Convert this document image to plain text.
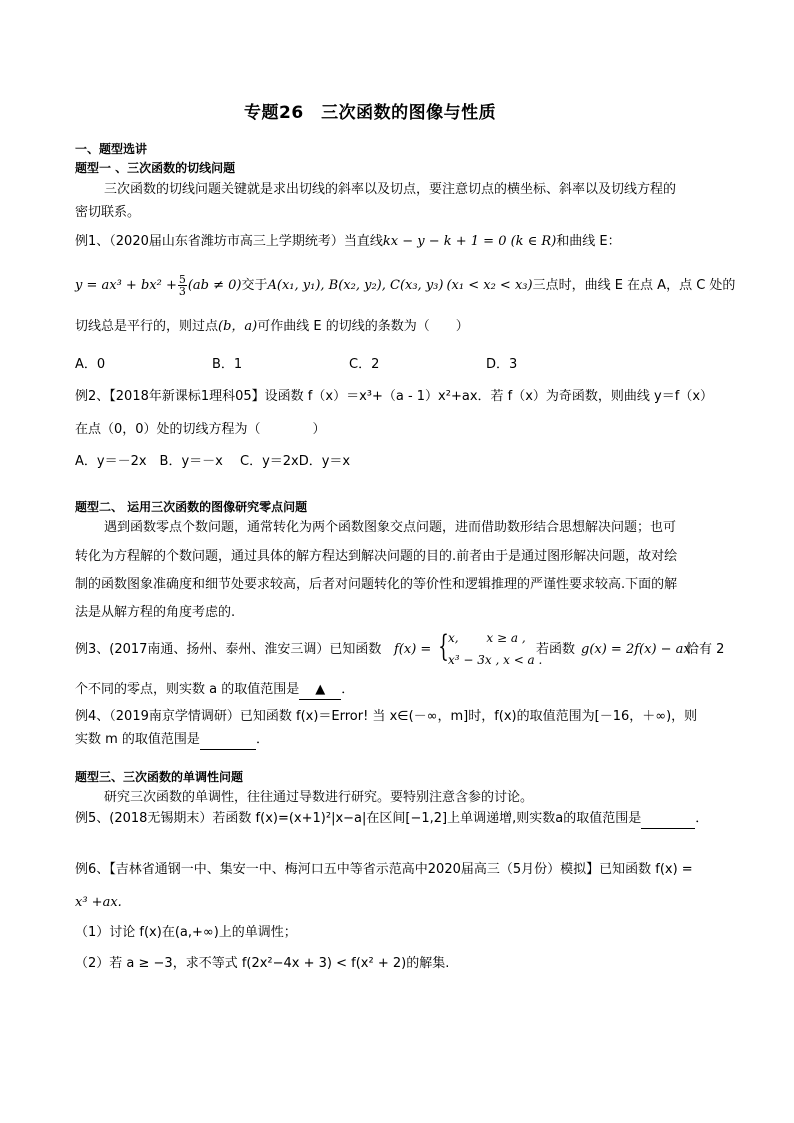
专题26　三次函数的图像与性质
一、题型选讲
题型一 、三次函数的切线问题
三次函数的切线问题关键就是求出切线的斜率以及切点，要注意切点的横坐标、斜率以及切线方程的
密切联系。
例1、（2020届山东省潍坊市高三上学期统考）当直线kx − y − k + 1 = 0 (k ∈ R)和曲线 E：
$y = ax^3 + bx^2 + \frac{5}{3} (ab \ne 0)$交于A(x₁, y₁), B(x₂, y₂), C(x₃, y₃) (x₁ < x₂ < x₃)三点时，曲线 E 在点 A，点 C 处的
切线总是平行的，则过点(b，a)可作曲线 E 的切线的条数为（　　）
A．0	B．1	C．2	D．3
例2、【2018年新课标1理科05】设函数 f（x）＝x³+（a - 1）x²+ax．若 f（x）为奇函数，则曲线 y＝f（x）
在点（0，0）处的切线方程为（　　　　）
A．y＝－2x　B．y＝－x　 C．y＝2xD．y＝x
题型二、 运用三次函数的图像研究零点问题
遇到函数零点个数问题，通常转化为两个函数图象交点问题，进而借助数形结合思想解决问题；也可
转化为方程解的个数问题，通过具体的解方程达到解决问题的目的.前者由于是通过图形解决问题，故对绘
制的函数图象准确度和细节处要求较高，后者对问题转化的等价性和逻辑推理的严谨性要求较高.下面的解
法是从解方程的角度考虑的.
例3、(2017南通、扬州、泰州、淮安三调）已知函数 f(x) = { x,   x ≥ a ,
x³ − 3x , x < a .
若函数 g(x) = 2f(x) − ax
恰有 2
个不同的零点，则实数 a 的取值范围是 ▲ ．
例4、（2019南京学情调研）已知函数 f(x)＝Error! 当 x∈(－∞，m]时，f(x)的取值范围为[－16，＋∞)，则
实数 m 的取值范围是	．
题型三、三次函数的单调性问题
研究三次函数的单调性，往往通过导数进行研究。要特别注意含参的讨论。
例5、(2018无锡期末）若函数 f(x)=(x+1)²|x−a|在区间[−1,2]上单调递增,则实数a的取值范围是	．
例6、【吉林省通钢一中、集安一中、梅河口五中等省示范高中2020届高三（5月份）模拟】已知函数 f(x) =
x³ +ax.
（1）讨论 f(x)在(a,+∞)上的单调性；
（2）若 a ≥ −3，求不等式 f(2x²−4x + 3) < f(x² + 2)的解集.
